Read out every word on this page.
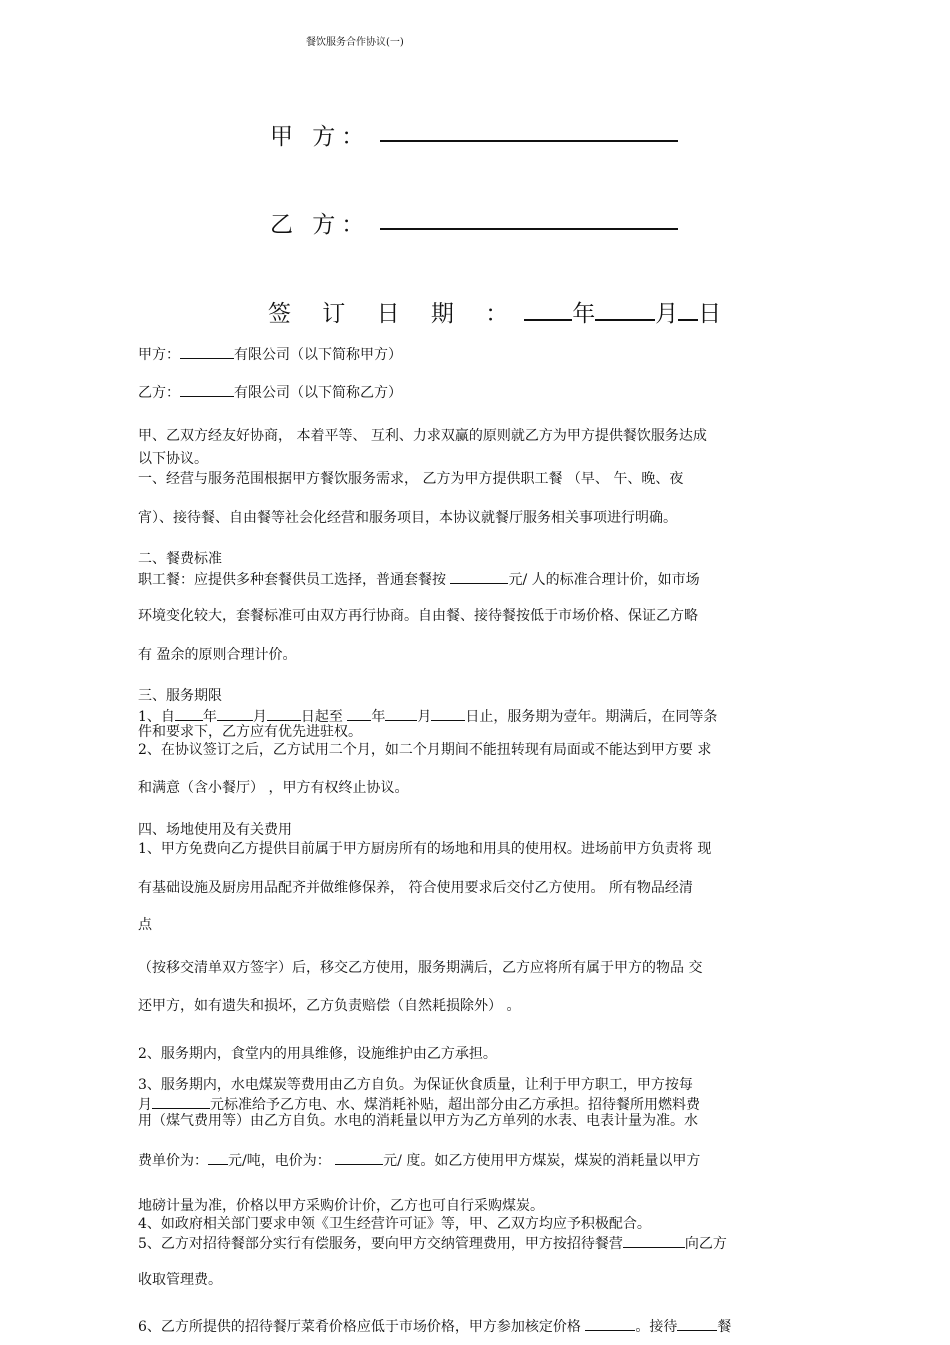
餐饮服务合作协议(一)
甲 方：
乙 方：
签 订 日 期 ： 年	月 日
甲方：	有限公司（以下简称甲方）
乙方：	有限公司（以下简称乙方）
甲、乙双方经友好协商， 本着平等、 互利、力求双赢的原则就乙方为甲方提供餐饮服务达成
以下协议。
一、经营与服务范围根据甲方餐饮服务需求， 乙方为甲方提供职工餐 （早、 午、晚、夜
宵）、接待餐、自由餐等社会化经营和服务项目，本协议就餐厅服务相关事项进行明确。
二、餐费标准
职工餐：应提供多种套餐供员工选择，普通套餐按	元/ 人的标准合理计价，如市场
环境变化较大，套餐标准可由双方再行协商。自由餐、接待餐按低于市场价格、保证乙方略
有 盈余的原则合理计价。
三、服务期限
1、自 年	月 日起至 年 月 日止，服务期为壹年。期满后，在同等条
件和要求下，乙方应有优先进驻权。
2、在协议签订之后，乙方试用二个月，如二个月期间不能扭转现有局面或不能达到甲方要 求
和满意（含小餐厅） ，甲方有权终止协议。
四、场地使用及有关费用
1、甲方免费向乙方提供目前属于甲方厨房所有的场地和用具的使用权。进场前甲方负责将 现
有基础设施及厨房用品配齐并做维修保养， 符合使用要求后交付乙方使用。 所有物品经清
点
（按移交清单双方签字）后，移交乙方使用，服务期满后，乙方应将所有属于甲方的物品 交
还甲方，如有遗失和损坏，乙方负责赔偿（自然耗损除外） 。
2、服务期内，食堂内的用具维修，设施维护由乙方承担。
3、服务期内，水电煤炭等费用由乙方自负。为保证伙食质量，让利于甲方职工，甲方按每
月	元标准给予乙方电、水、煤消耗补贴，超出部分由乙方承担。招待餐所用燃料费
用（煤气费用等）由乙方自负。水电的消耗量以甲方为乙方单列的水表、电表计量为准。水
费单价为： 元/吨，电价为：	元/ 度。如乙方使用甲方煤炭，煤炭的消耗量以甲方
地磅计量为准，价格以甲方采购价计价，乙方也可自行采购煤炭。
4、如政府相关部门要求申领《卫生经营许可证》等，甲、乙双方均应予积极配合。
5、乙方对招待餐部分实行有偿服务，要向甲方交纳管理费用，甲方按招待餐营	向乙方
收取管理费。
6、乙方所提供的招待餐厅菜肴价格应低于市场价格，甲方参加核定价格	。接待	餐
